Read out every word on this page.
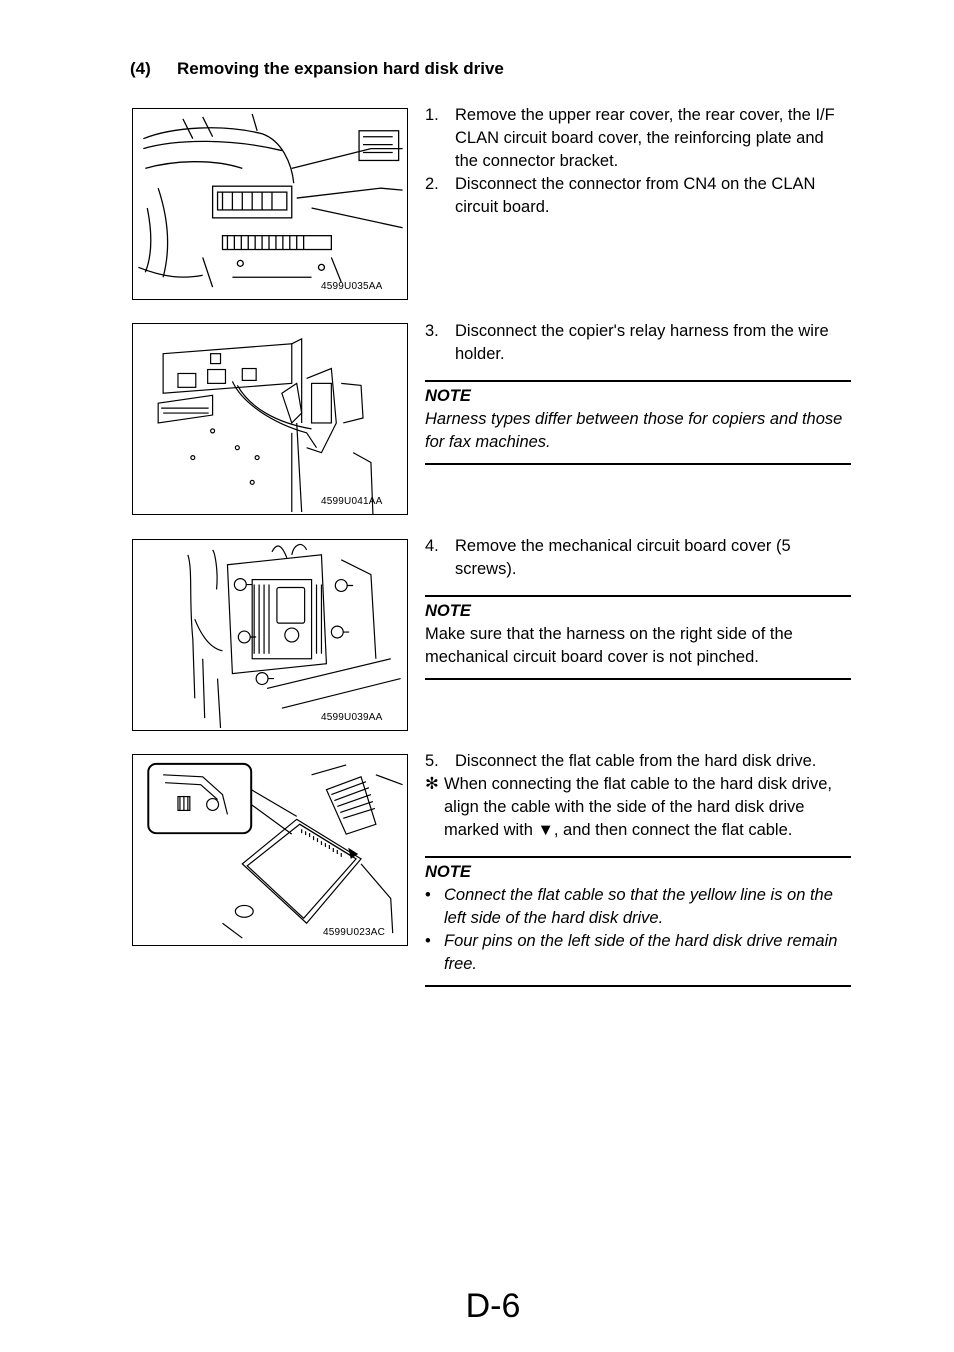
(4) Removing the expansion hard disk drive
4599U035AA
4599U041AA
4599U039AA
4599U023AC
1. Remove the upper rear cover, the rear cover, the I/F CLAN circuit board cover, the reinforcing plate and the connector bracket.
2. Disconnect the connector from CN4 on the CLAN circuit board.
3. Disconnect the copier's relay harness from the wire holder.
NOTE
Harness types differ between those for copiers and those for fax machines.
4. Remove the mechanical circuit board cover (5 screws).
NOTE
Make sure that the harness on the right side of the mechanical circuit board cover is not pinched.
5. Disconnect the flat cable from the hard disk drive.
✻ When connecting the flat cable to the hard disk drive, align the cable with the side of the hard disk drive marked with ▼, and then connect the flat cable.
NOTE
• Connect the flat cable so that the yellow line is on the left side of the hard disk drive.
• Four pins on the left side of the hard disk drive remain free.
D-6
